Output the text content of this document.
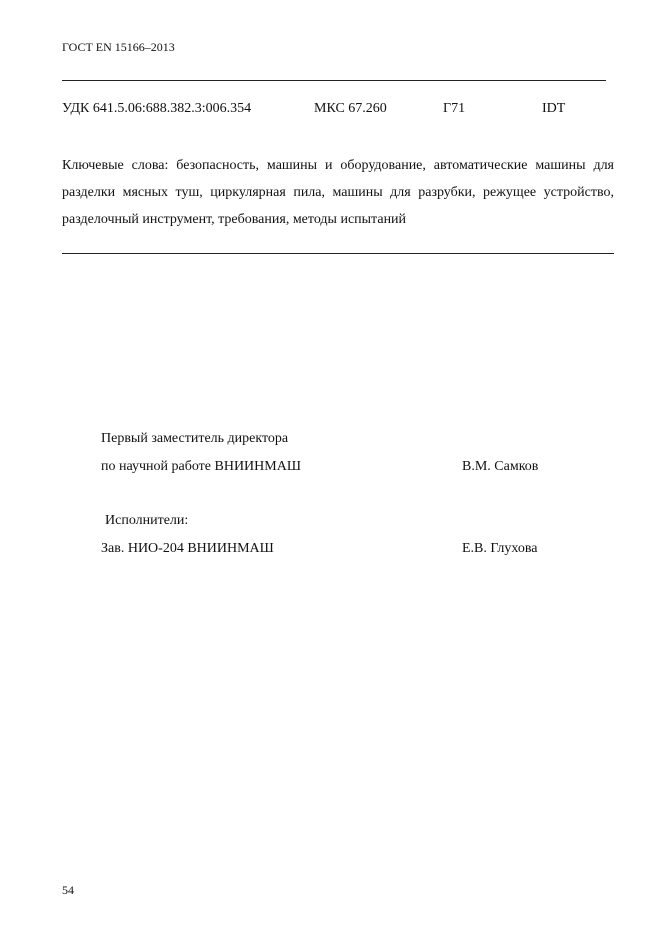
ГОСТ EN 15166–2013
УДК 641.5.06:688.382.3:006.354	МКС 67.260	Г71	IDT
Ключевые слова: безопасность, машины и оборудование, автоматические машины для разделки мясных туш, циркулярная пила, машины для разрубки, режущее устройство, разделочный инструмент, требования, методы испытаний
Первый заместитель директора
по научной работе ВНИИНМАШ	В.М. Самков
Исполнители:
Зав. НИО-204 ВНИИНМАШ	Е.В. Глухова
54
